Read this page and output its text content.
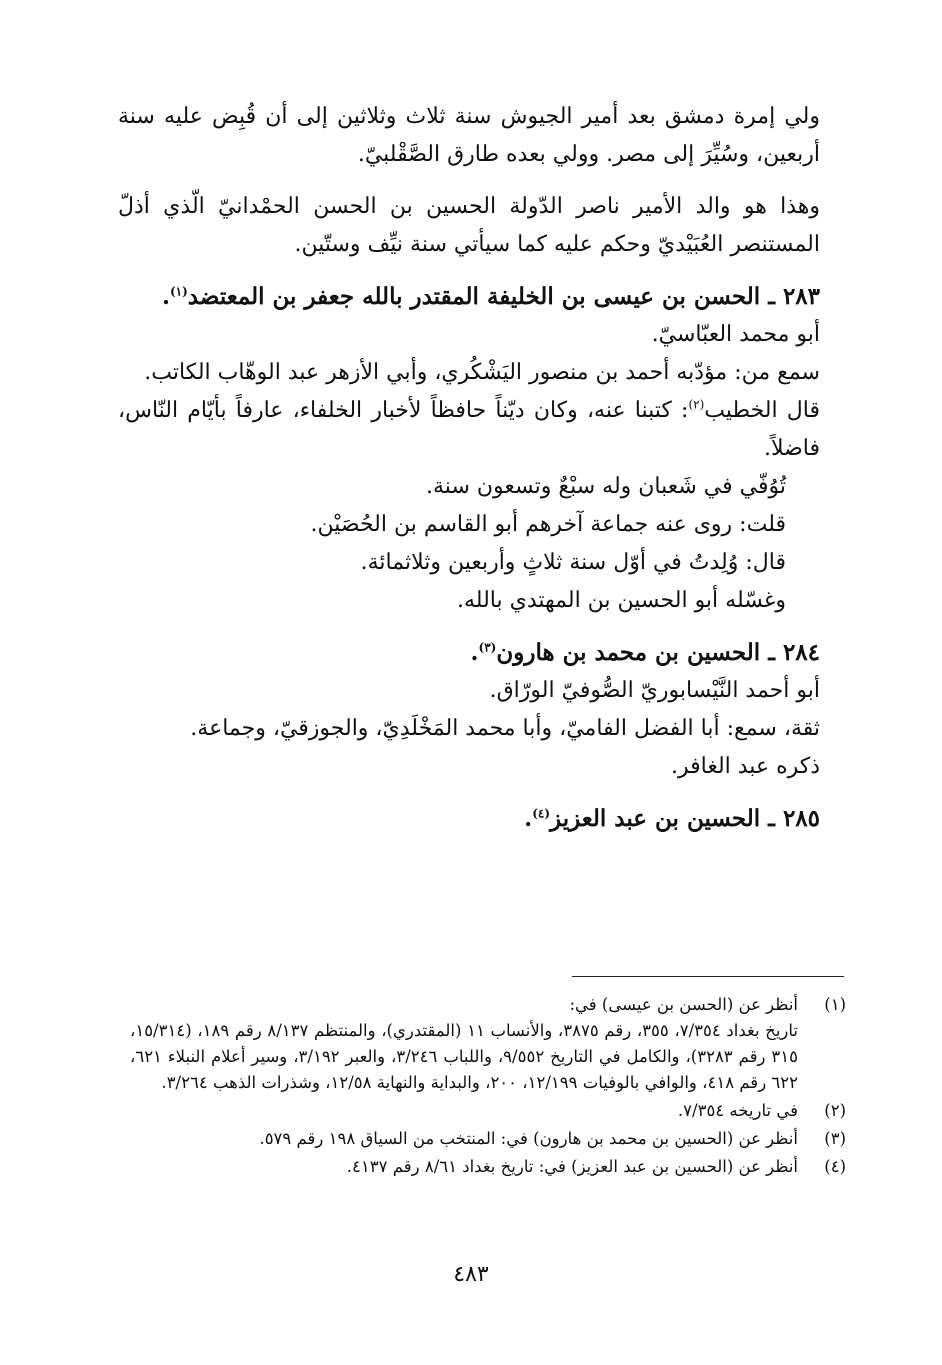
ولي إمرة دمشق بعد أمير الجيوش سنة ثلاث وثلاثين إلى أن قُبِض عليه سنة أربعين، وسُيِّرَ إلى مصر. وولي بعده طارق الصَّقْلبيّ.

وهذا هو والد الأمير ناصر الدّولة الحسين بن الحسن الحمْدانيّ الّذي أذلّ المستنصر العُبَيْديّ وحكم عليه كما سيأتي سنة نيِّف وستّين.

٢٨٣ ـ الحسن بن عيسى بن الخليفة المقتدر بالله جعفر بن المعتضد$^{(١)}$.

أبو محمد العبّاسيّ.

سمع من: مؤدّبه أحمد بن منصور اليَشْكُري، وأبي الأزهر عبد الوهّاب الكاتب.

قال الخطيب$^{(٢)}$: كتبنا عنه، وكان ديّناً حافظاً لأخبار الخلفاء، عارفاً بأيّام النّاس، فاضلاً.

تُوُفّي في شَعبان وله سبْعٌ وتسعون سنة.

قلت: روى عنه جماعة آخرهم أبو القاسم بن الحُصَيْن.

قال: وُلِدتُ في أوّل سنة ثلاثٍ وأربعين وثلاثمائة.

وغسّله أبو الحسين بن المهتدي بالله.

٢٨٤ ـ الحسين بن محمد بن هارون$^{(٣)}$.

أبو أحمد النَّيْسابوريّ الصُّوفيّ الورّاق.

ثقة، سمع: أبا الفضل الفاميّ، وأبا محمد المَخْلَدِيّ، والجوزقيّ، وجماعة.

ذكره عبد الغافر.

٢٨٥ ـ الحسين بن عبد العزيز$^{(٤)}$.

(١)
أنظر عن (الحسن بن عيسى) في:
تاريخ بغداد ٧/٣٥٤، ٣٥٥، رقم ٣٨٧٥، والأنساب ١١ (المقتدري)، والمنتظم ٨/١٣٧ رقم ١٨٩، (١٥/٣١٤، ٣١٥ رقم ٣٢٨٣)، والكامل في التاريخ ٩/٥٥٢، واللباب ٣/٢٤٦، والعبر ٣/١٩٢، وسير أعلام النبلاء ٦٢١، ٦٢٢ رقم ٤١٨، والوافي بالوفيات ١٢/١٩٩، ٢٠٠، والبداية والنهاية ١٢/٥٨، وشذرات الذهب ٣/٢٦٤.
(٢)
في تاريخه ٧/٣٥٤.
(٣)
أنظر عن (الحسين بن محمد بن هارون) في: المنتخب من السياق ١٩٨ رقم ٥٧٩.
(٤)
أنظر عن (الحسين بن عبد العزيز) في: تاريخ بغداد ٨/٦١ رقم ٤١٣٧.
٤٨٣
